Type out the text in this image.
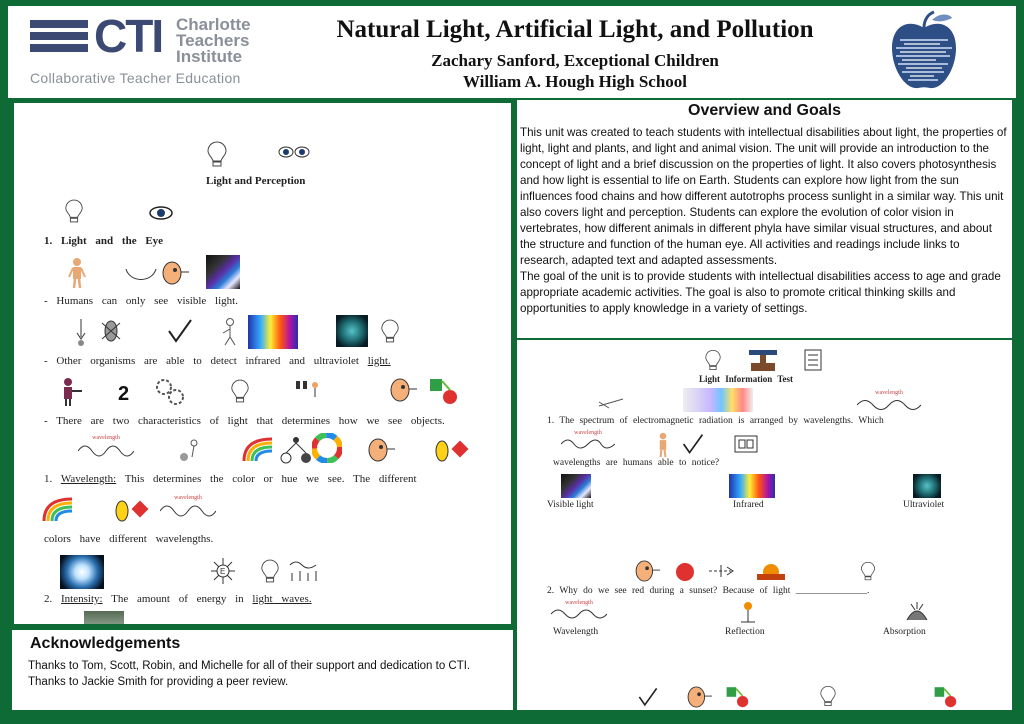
CTI Charlotte
Teachers
Institute
Collaborative Teacher Education
Natural Light, Artificial Light, and Pollution
Zachary Sanford, Exceptional Children
William A. Hough High School
Light and Perception
1. Light and the Eye
- Humans can only see visible light.
- Other organisms are able to detect infrared and ultraviolet light.
2
- There are two characteristics of light that determines how we see objects.
wavelength
1. Wavelength: This determines the color or hue we see. The different
wavelength
colors have different wavelengths.
E
2. Intensity: The amount of energy in light waves.
Overview and Goals

This unit was created to teach students with intellectual disabilities about light, the properties of light, light and plants, and light and animal vision. The unit will provide an introduction to the concept of light and a brief discussion on the properties of light. It also covers photosynthesis and how light is essential to life on Earth. Students can explore how light from the sun influences food chains and how different autotrophs process sunlight in a similar way. This unit also covers light and perception. Students can explore the evolution of color vision in vertebrates, how different animals in different phyla have similar visual structures, and about the structure and function of the human eye. All activities and readings include links to research, adapted text and adapted assessments.

The goal of the unit is to provide students with intellectual disabilities access to age and grade appropriate academic activities. The goal is also to promote critical thinking skills and opportunities to apply knowledge in a variety of settings.

Light Information Test
wavelength
1. The spectrum of electromagnetic radiation is arranged by wavelengths. Which
wavelength
wavelengths are humans able to notice?
Visible light	Infrared	Ultraviolet
2. Why do we see red during a sunset? Because of light _______________.
wavelength
Wavelength	Reflection	Absorption
Acknowledgements
Thanks to Tom, Scott, Robin, and Michelle for all of their support and dedication to CTI.
Thanks to Jackie Smith for providing a peer review.
